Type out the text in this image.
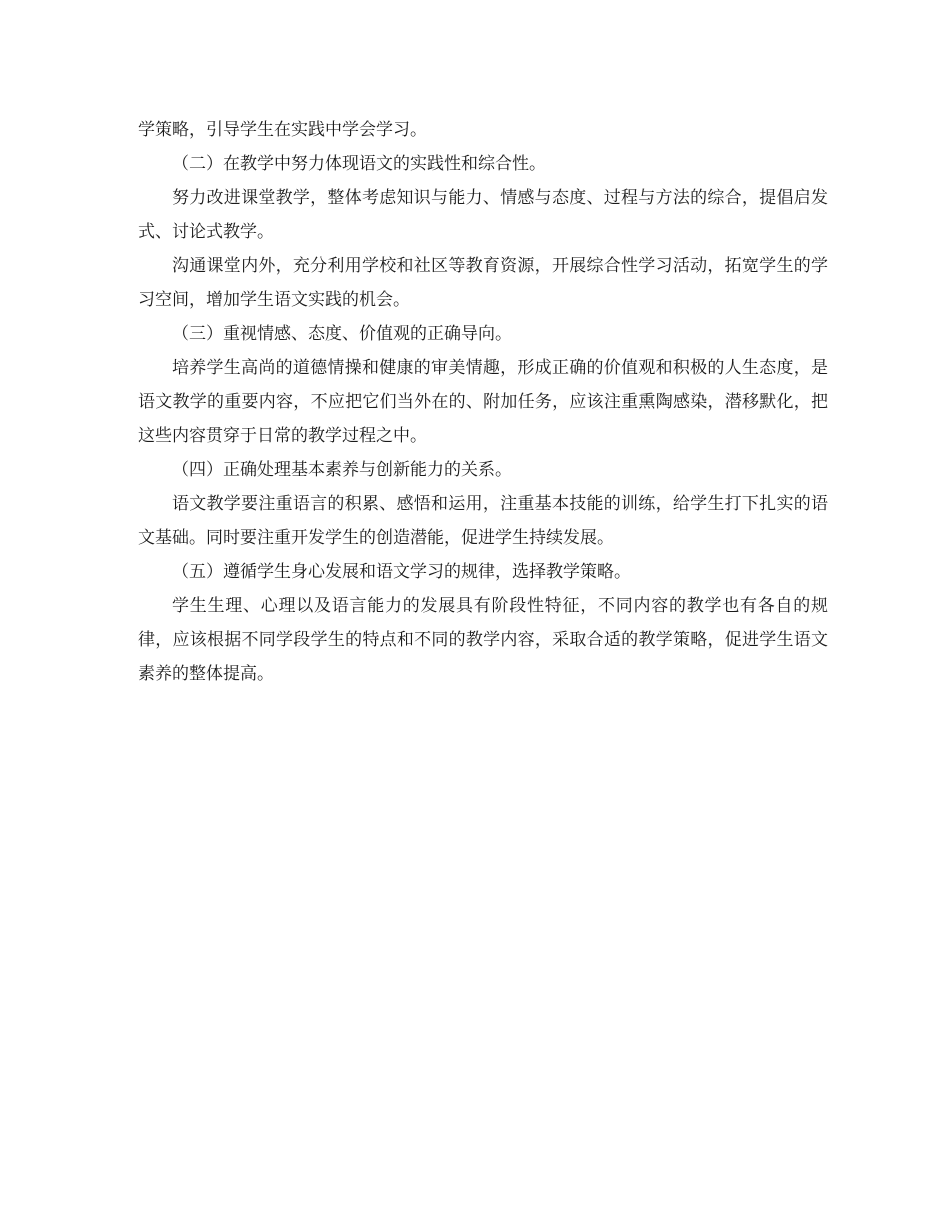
学策略，引导学生在实践中学会学习。

（二）在教学中努力体现语文的实践性和综合性。

努力改进课堂教学，整体考虑知识与能力、情感与态度、过程与方法的综合，提倡启发式、讨论式教学。

沟通课堂内外，充分利用学校和社区等教育资源，开展综合性学习活动，拓宽学生的学习空间，增加学生语文实践的机会。

（三）重视情感、态度、价值观的正确导向。

培养学生高尚的道德情操和健康的审美情趣，形成正确的价值观和积极的人生态度，是语文教学的重要内容，不应把它们当外在的、附加任务，应该注重熏陶感染，潜移默化，把这些内容贯穿于日常的教学过程之中。

（四）正确处理基本素养与创新能力的关系。

语文教学要注重语言的积累、感悟和运用，注重基本技能的训练，给学生打下扎实的语文基础。同时要注重开发学生的创造潜能，促进学生持续发展。

（五）遵循学生身心发展和语文学习的规律，选择教学策略。

学生生理、心理以及语言能力的发展具有阶段性特征，不同内容的教学也有各自的规律，应该根据不同学段学生的特点和不同的教学内容，采取合适的教学策略，促进学生语文素养的整体提高。
